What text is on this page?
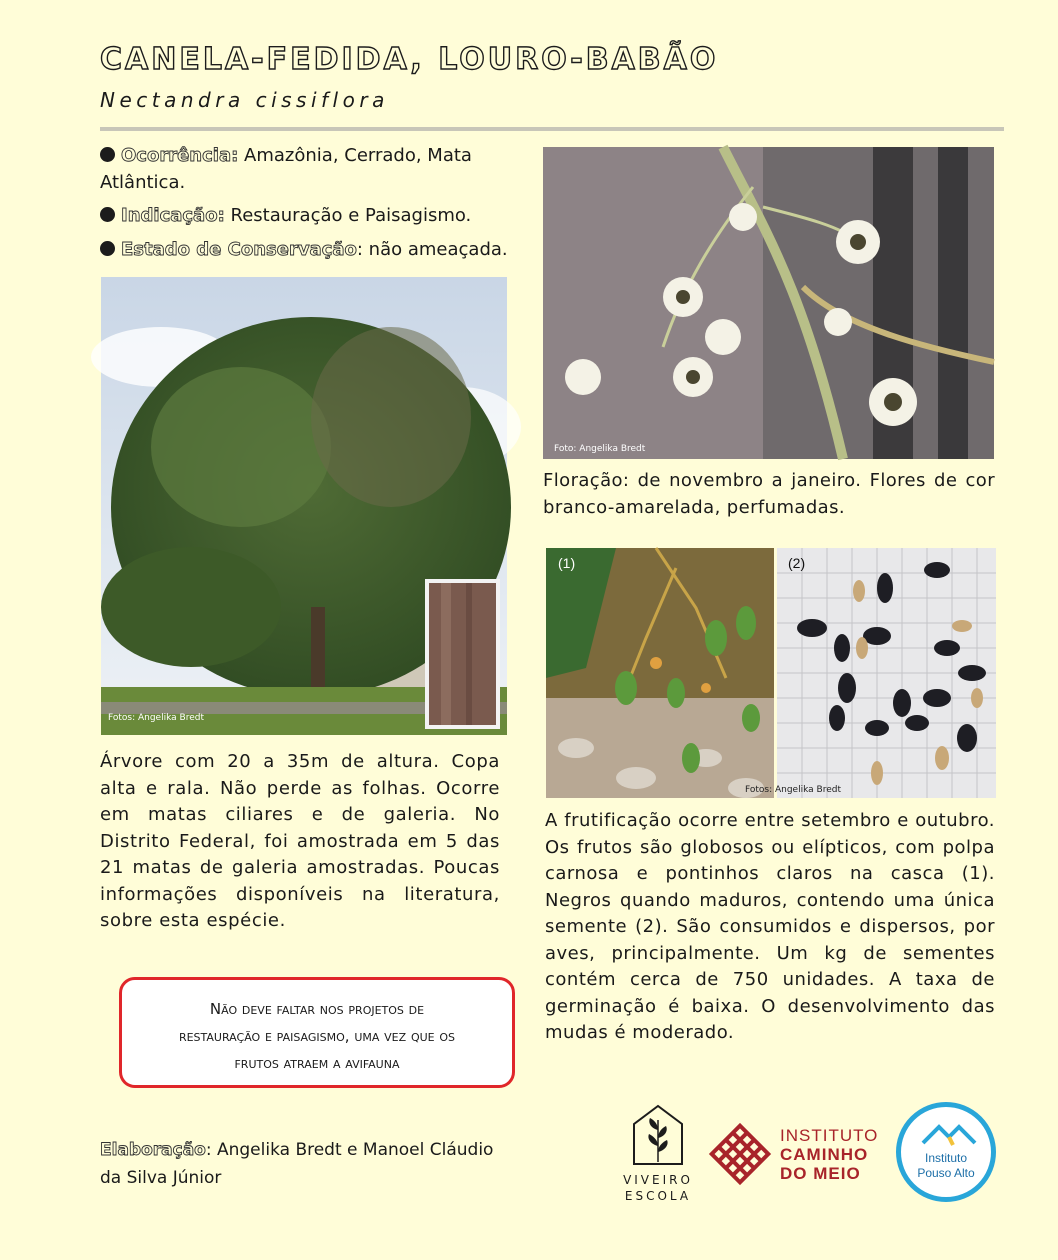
CANELA-FEDIDA, LOURO-BABÃO
Nectandra cissiflora
Ocorrência: Amazônia, Cerrado, Mata Atlântica.
Indicação: Restauração e Paisagismo.
Estado de Conservação: não ameaçada.
Fotos: Angelika Bredt
Foto: Angelika Bredt
Floração: de novembro a janeiro. Flores de cor branco-amarelada, perfumadas.
(1)	(2)
Fotos: Angelika Bredt
Árvore com 20 a 35m de altura. Copa alta e rala. Não perde as folhas. Ocorre em matas ciliares e de galeria. No Distrito Federal, foi amostrada em 5 das 21 matas de galeria amostradas. Poucas informações disponíveis na literatura, sobre esta espécie.
A frutificação ocorre entre setembro e outubro. Os frutos são globosos ou elípticos, com polpa carnosa e pontinhos claros na casca (1). Negros quando maduros, contendo uma única semente (2). São consumidos e dispersos, por aves, principalmente. Um kg de sementes contém cerca de 750 unidades. A taxa de germinação é baixa. O desenvolvimento das mudas é moderado.
Não deve faltar nos projetos de
restauração e paisagismo, uma vez que os
frutos atraem a avifauna
Elaboração: Angelika Bredt e Manoel Cláudio da Silva Júnior	VIVEIRO
ESCOLA
INSTITUTO
CAMINHO
DO MEIO
Instituto
Pouso Alto
